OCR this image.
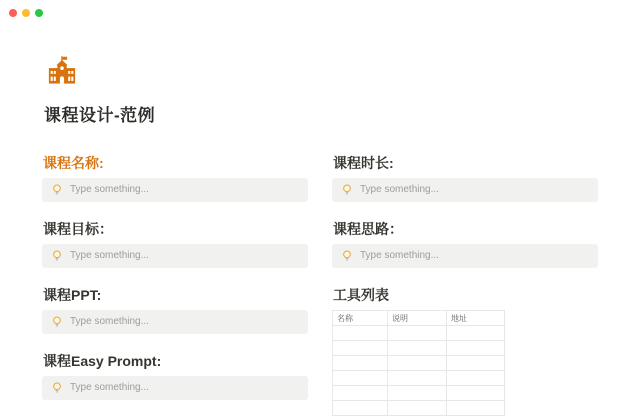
课程设计-范例
课程名称:
Type something...
课程目标：
Type something...
课程PPT:
Type something...
课程Easy Prompt:
Type something...
课程时长:
Type something...
课程思路：
Type something...
工具列表
名称	说明	地址
